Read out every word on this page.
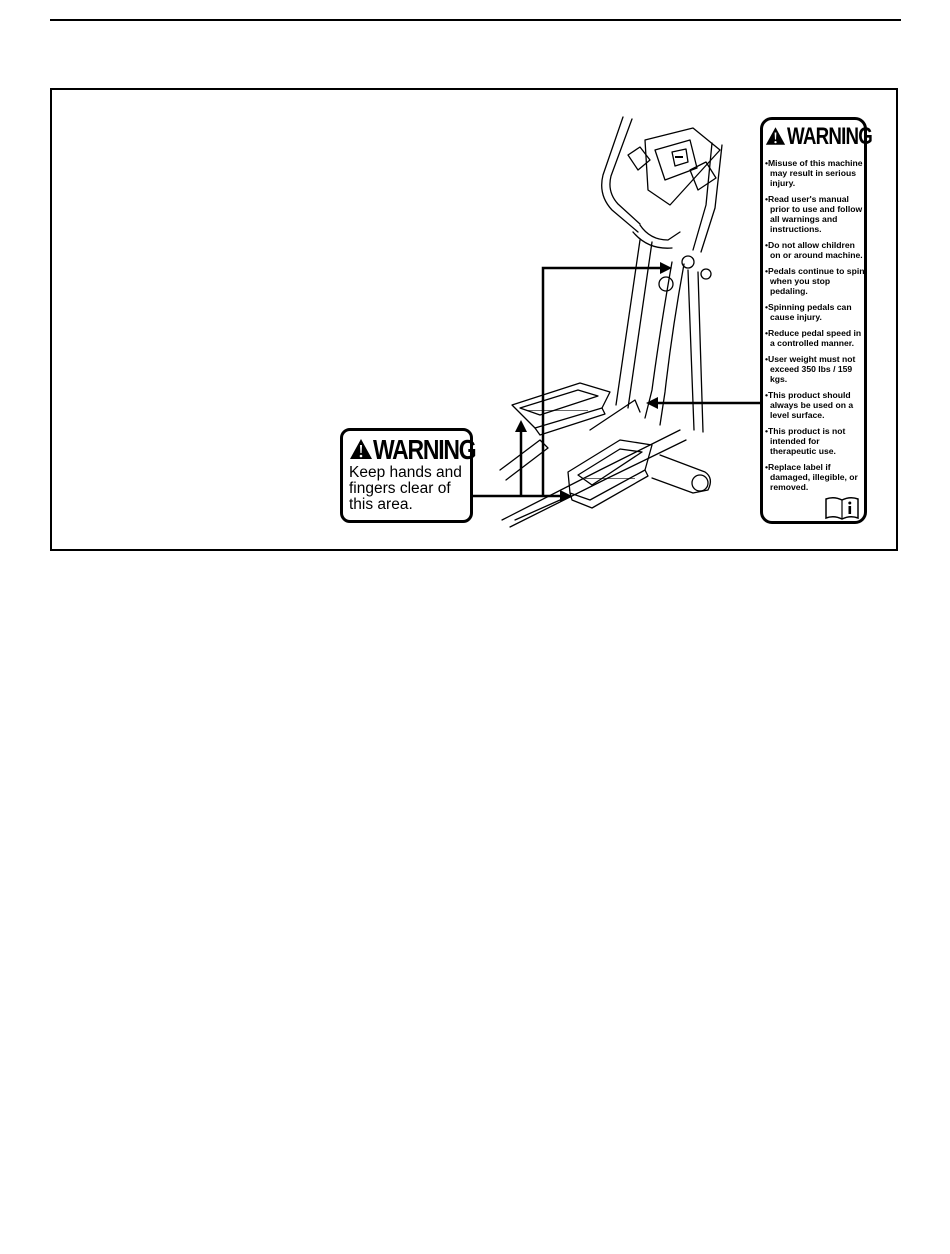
WARNING
Keep hands and fingers clear of this area.
WARNING
• Misuse of this machine may result in serious injury.
• Read user's manual prior to use and follow all warnings and instructions.
• Do not allow children on or around machine.
• Pedals continue to spin when you stop pedaling.
• Spinning pedals can cause injury.
• Reduce pedal speed in a controlled manner.
• User weight must not exceed 350 lbs / 159 kgs.
• This product should always be used on a level surface.
• This product is not intended for therapeutic use.
• Replace label if damaged, illegible, or removed.
